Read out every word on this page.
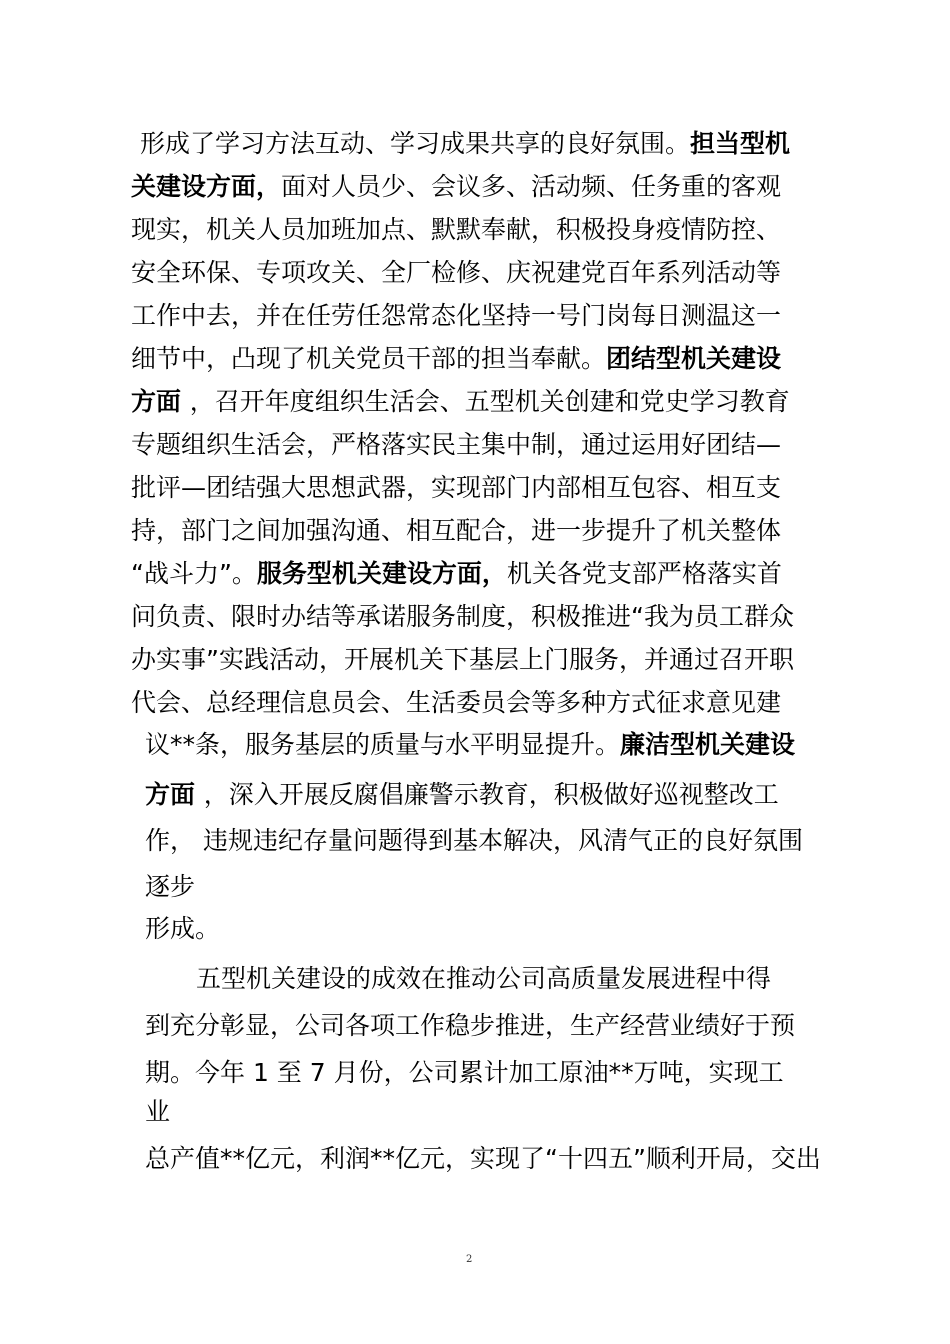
形成了学习方法互动、学习成果共享的良好氛围。担当型机
关建设方面，面对人员少、会议多、活动频、任务重的客观
现实，机关人员加班加点、默默奉献，积极投身疫情防控、
安全环保、专项攻关、全厂检修、庆祝建党百年系列活动等
工作中去，并在任劳任怨常态化坚持一号门岗每日测温这一
细节中，凸现了机关党员干部的担当奉献。团结型机关建设
方面 ，召开年度组织生活会、五型机关创建和党史学习教育
专题组织生活会，严格落实民主集中制，通过运用好团结—
批评—团结强大思想武器，实现部门内部相互包容、相互支
持，部门之间加强沟通、相互配合，进一步提升了机关整体
“战斗力”。服务型机关建设方面，机关各党支部严格落实首
问负责、限时办结等承诺服务制度，积极推进“我为员工群众
办实事”实践活动，开展机关下基层上门服务，并通过召开职
代会、总经理信息员会、生活委员会等多种方式征求意见建
议**条，服务基层的质量与水平明显提升。廉洁型机关建设
方面 ，深入开展反腐倡廉警示教育，积极做好巡视整改工
作， 违规违纪存量问题得到基本解决，风清气正的良好氛围
逐步
形成。
五型机关建设的成效在推动公司高质量发展进程中得
到充分彰显，公司各项工作稳步推进，生产经营业绩好于预
期。今年 1 至 7 月份，公司累计加工原油**万吨，实现工
业
总产值**亿元，利润**亿元，实现了“十四五”顺利开局，交出
2
